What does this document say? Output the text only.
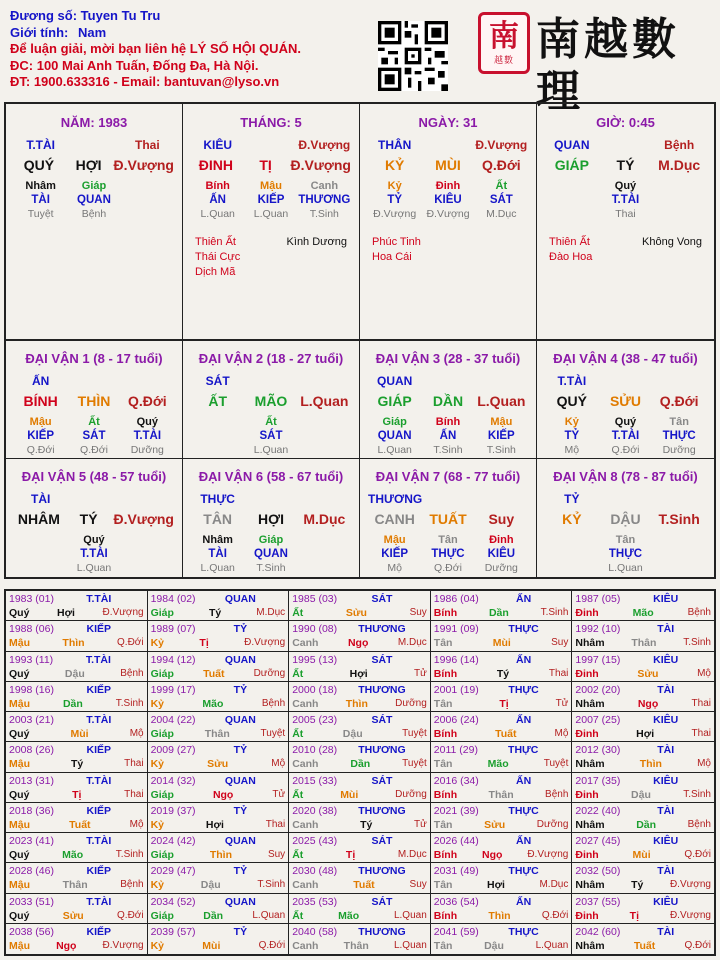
Đương số: Tuyen Tu Tru
Giới tính: Nam
Để luận giải, mời bạn liên hệ LÝ SỐ HỘI QUÁN.
ĐC: 100 Mai Anh Tuấn, Đống Đa, Hà Nội.
ĐT: 1900.633316 - Email: bantuvan@lyso.vn
南
越數 南越數理
NĂM: 1983
T.TÀI	Thai
QUÝ	HỢI Đ.Vượng
Nhâm	Giáp
TÀI	QUAN
Tuyệt	Bệnh
THÁNG: 5
KIÊU	Đ.Vượng
ĐINH	TỊ	Đ.Vượng
Bính	Mậu	Canh
ẤN	KIẾP	THƯƠNG
L.Quan	L.Quan	T.Sinh
Thiên Ất
Thái Cực
Dịch Mã
Kình Dương
NGÀY: 31
THÂN	Đ.Vượng
KỶ	MÙI	Q.Đới
Kỷ	Đinh	Ất
TỶ	KIÊU	SÁT
Đ.Vượng Đ.Vượng	M.Dục
Phúc Tinh
Hoa Cái
GIỜ: 0:45
QUAN	Bệnh
GIÁP	TÝ	M.Dục
Quý
T.TÀI
Thai
Thiên Ất
Đào Hoa
Không Vong
ĐẠI VẬN 1 (8 - 17 tuổi)
ẤN
BÍNH	THÌN	Q.Đới
Mậu	Ất	Quý
KIẾP	SÁT	T.TÀI
Q.Đới	Q.Đới	Dưỡng
ĐẠI VẬN 2 (18 - 27 tuổi)
SÁT
ẤT	MÃO L.Quan
Ất
SÁT
L.Quan
ĐẠI VẬN 3 (28 - 37 tuổi)
QUAN
GIÁP	DẦN	L.Quan
Giáp	Bính	Mậu
QUAN	ẤN	KIẾP
L.Quan	T.Sinh	T.Sinh
ĐẠI VẬN 4 (38 - 47 tuổi)
T.TÀI
QUÝ	SỬU	Q.Đới
Kỷ	Quý	Tân
TỶ	T.TÀI	THỰC
Mộ	Q.Đới	Dưỡng
ĐẠI VẬN 5 (48 - 57 tuổi)
TÀI
NHÂM	TÝ	Đ.Vượng
Quý
T.TÀI
L.Quan
ĐẠI VẬN 6 (58 - 67 tuổi)
THỰC
TÂN	HỢI	M.Dục
Nhâm	Giáp
TÀI	QUAN
L.Quan	T.Sinh
ĐẠI VẬN 7 (68 - 77 tuổi)
THƯƠNG
CANH	TUẤT	Suy
Mậu	Tân	Đinh
KIẾP	THỰC	KIÊU
Mộ	Q.Đới	Dưỡng
ĐẠI VẬN 8 (78 - 87 tuổi)
TỶ
KỶ	DẬU	T.Sinh
Tân
THỰC
L.Quan
1983 (01)	T.TÀI
Quý	Hợi	Đ.Vượng
1984 (02)	QUAN
Giáp	Tý	M.Dục
1985 (03)	SÁT
Ất	Sửu	Suy
1986 (04)	ẤN
Bính	Dần	T.Sinh
1987 (05)	KIÊU
Đinh	Mão	Bệnh
1988 (06)	KIẾP
Mậu	Thìn	Q.Đới
1989 (07)	TỶ
Kỷ	Tị	Đ.Vượng
1990 (08)	THƯƠNG
Canh	Ngọ	M.Dục
1991 (09)	THỰC
Tân	Mùi	Suy
1992 (10)	TÀI
Nhâm	Thân	T.Sinh
1993 (11)	T.TÀI
Quý	Dậu	Bệnh
1994 (12)	QUAN
Giáp	Tuất	Dưỡng
1995 (13)	SÁT
Ất	Hợi	Tử
1996 (14)	ẤN
Bính	Tý	Thai
1997 (15)	KIÊU
Đinh	Sửu	Mộ
1998 (16)	KIẾP
Mậu	Dần	T.Sinh
1999 (17)	TỶ
Kỷ	Mão	Bệnh
2000 (18)	THƯƠNG
Canh	Thìn	Dưỡng
2001 (19)	THỰC
Tân	Tị	Tử
2002 (20)	TÀI
Nhâm	Ngọ	Thai
2003 (21)	T.TÀI
Quý	Mùi	Mộ
2004 (22)	QUAN
Giáp	Thân	Tuyệt
2005 (23)	SÁT
Ất	Dậu	Tuyệt
2006 (24)	ẤN
Bính	Tuất	Mộ
2007 (25)	KIÊU
Đinh	Hợi	Thai
2008 (26)	KIẾP
Mậu	Tý	Thai
2009 (27)	TỶ
Kỷ	Sửu	Mộ
2010 (28)	THƯƠNG
Canh	Dần	Tuyệt
2011 (29)	THỰC
Tân	Mão	Tuyệt
2012 (30)	TÀI
Nhâm	Thìn	Mộ
2013 (31)	T.TÀI
Quý	Tị	Thai
2014 (32)	QUAN
Giáp	Ngọ	Tử
2015 (33)	SÁT
Ất	Mùi	Dưỡng
2016 (34)	ẤN
Bính	Thân	Bệnh
2017 (35)	KIÊU
Đinh	Dậu	T.Sinh
2018 (36)	KIẾP
Mậu	Tuất	Mộ
2019 (37)	TỶ
Kỷ	Hợi	Thai
2020 (38)	THƯƠNG
Canh	Tý	Tử
2021 (39)	THỰC
Tân	Sửu	Dưỡng
2022 (40)	TÀI
Nhâm	Dần	Bệnh
2023 (41)	T.TÀI
Quý	Mão	T.Sinh
2024 (42)	QUAN
Giáp	Thìn	Suy
2025 (43)	SÁT
Ất	Tị	M.Dục
2026 (44)	ẤN
Bính Ngọ Đ.Vượng
2027 (45)	KIÊU
Đinh	Mùi	Q.Đới
2028 (46)	KIẾP
Mậu	Thân	Bệnh
2029 (47)	TỶ
Kỷ	Dậu	T.Sinh
2030 (48)	THƯƠNG
Canh	Tuất	Suy
2031 (49)	THỰC
Tân	Hợi	M.Dục
2032 (50)	TÀI
Nhâm	Tý	Đ.Vượng
2033 (51)	T.TÀI
Quý	Sửu	Q.Đới
2034 (52)	QUAN
Giáp	Dần	L.Quan
2035 (53)	SÁT
Ất	Mão	L.Quan
2036 (54)	ẤN
Bính	Thìn	Q.Đới
2037 (55)	KIÊU
Đinh	Tị	Đ.Vượng
2038 (56)	KIẾP
Mậu Ngọ	Đ.Vượng
2039 (57)	TỶ
Kỷ	Mùi	Q.Đới
2040 (58)	THƯƠNG
Canh Thân	L.Quan
2041 (59)	THỰC
Tân	Dậu	L.Quan
2042 (60)	TÀI
Nhâm	Tuất	Q.Đới
